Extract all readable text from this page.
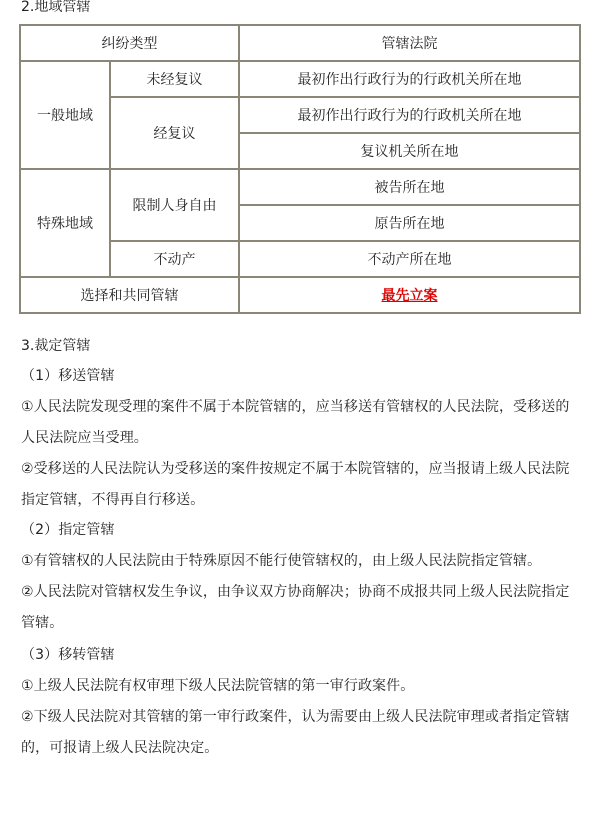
2.地域管辖
纠纷类型		管辖法院
一般地域	未经复议	最初作出行政行为的行政机关所在地
	经复议	最初作出行政行为的行政机关所在地
		复议机关所在地
特殊地域	限制人身自由	被告所在地
		原告所在地
	不动产	不动产所在地
选择和共同管辖		最先立案
3.裁定管辖
（1）移送管辖
①人民法院发现受理的案件不属于本院管辖的，应当移送有管辖权的人民法院，受移送的人民法院应当受理。
②受移送的人民法院认为受移送的案件按规定不属于本院管辖的，应当报请上级人民法院指定管辖，不得再自行移送。
（2）指定管辖
①有管辖权的人民法院由于特殊原因不能行使管辖权的，由上级人民法院指定管辖。
②人民法院对管辖权发生争议，由争议双方协商解决；协商不成报共同上级人民法院指定管辖。
（3）移转管辖
①上级人民法院有权审理下级人民法院管辖的第一审行政案件。
②下级人民法院对其管辖的第一审行政案件，认为需要由上级人民法院审理或者指定管辖的，可报请上级人民法院决定。
